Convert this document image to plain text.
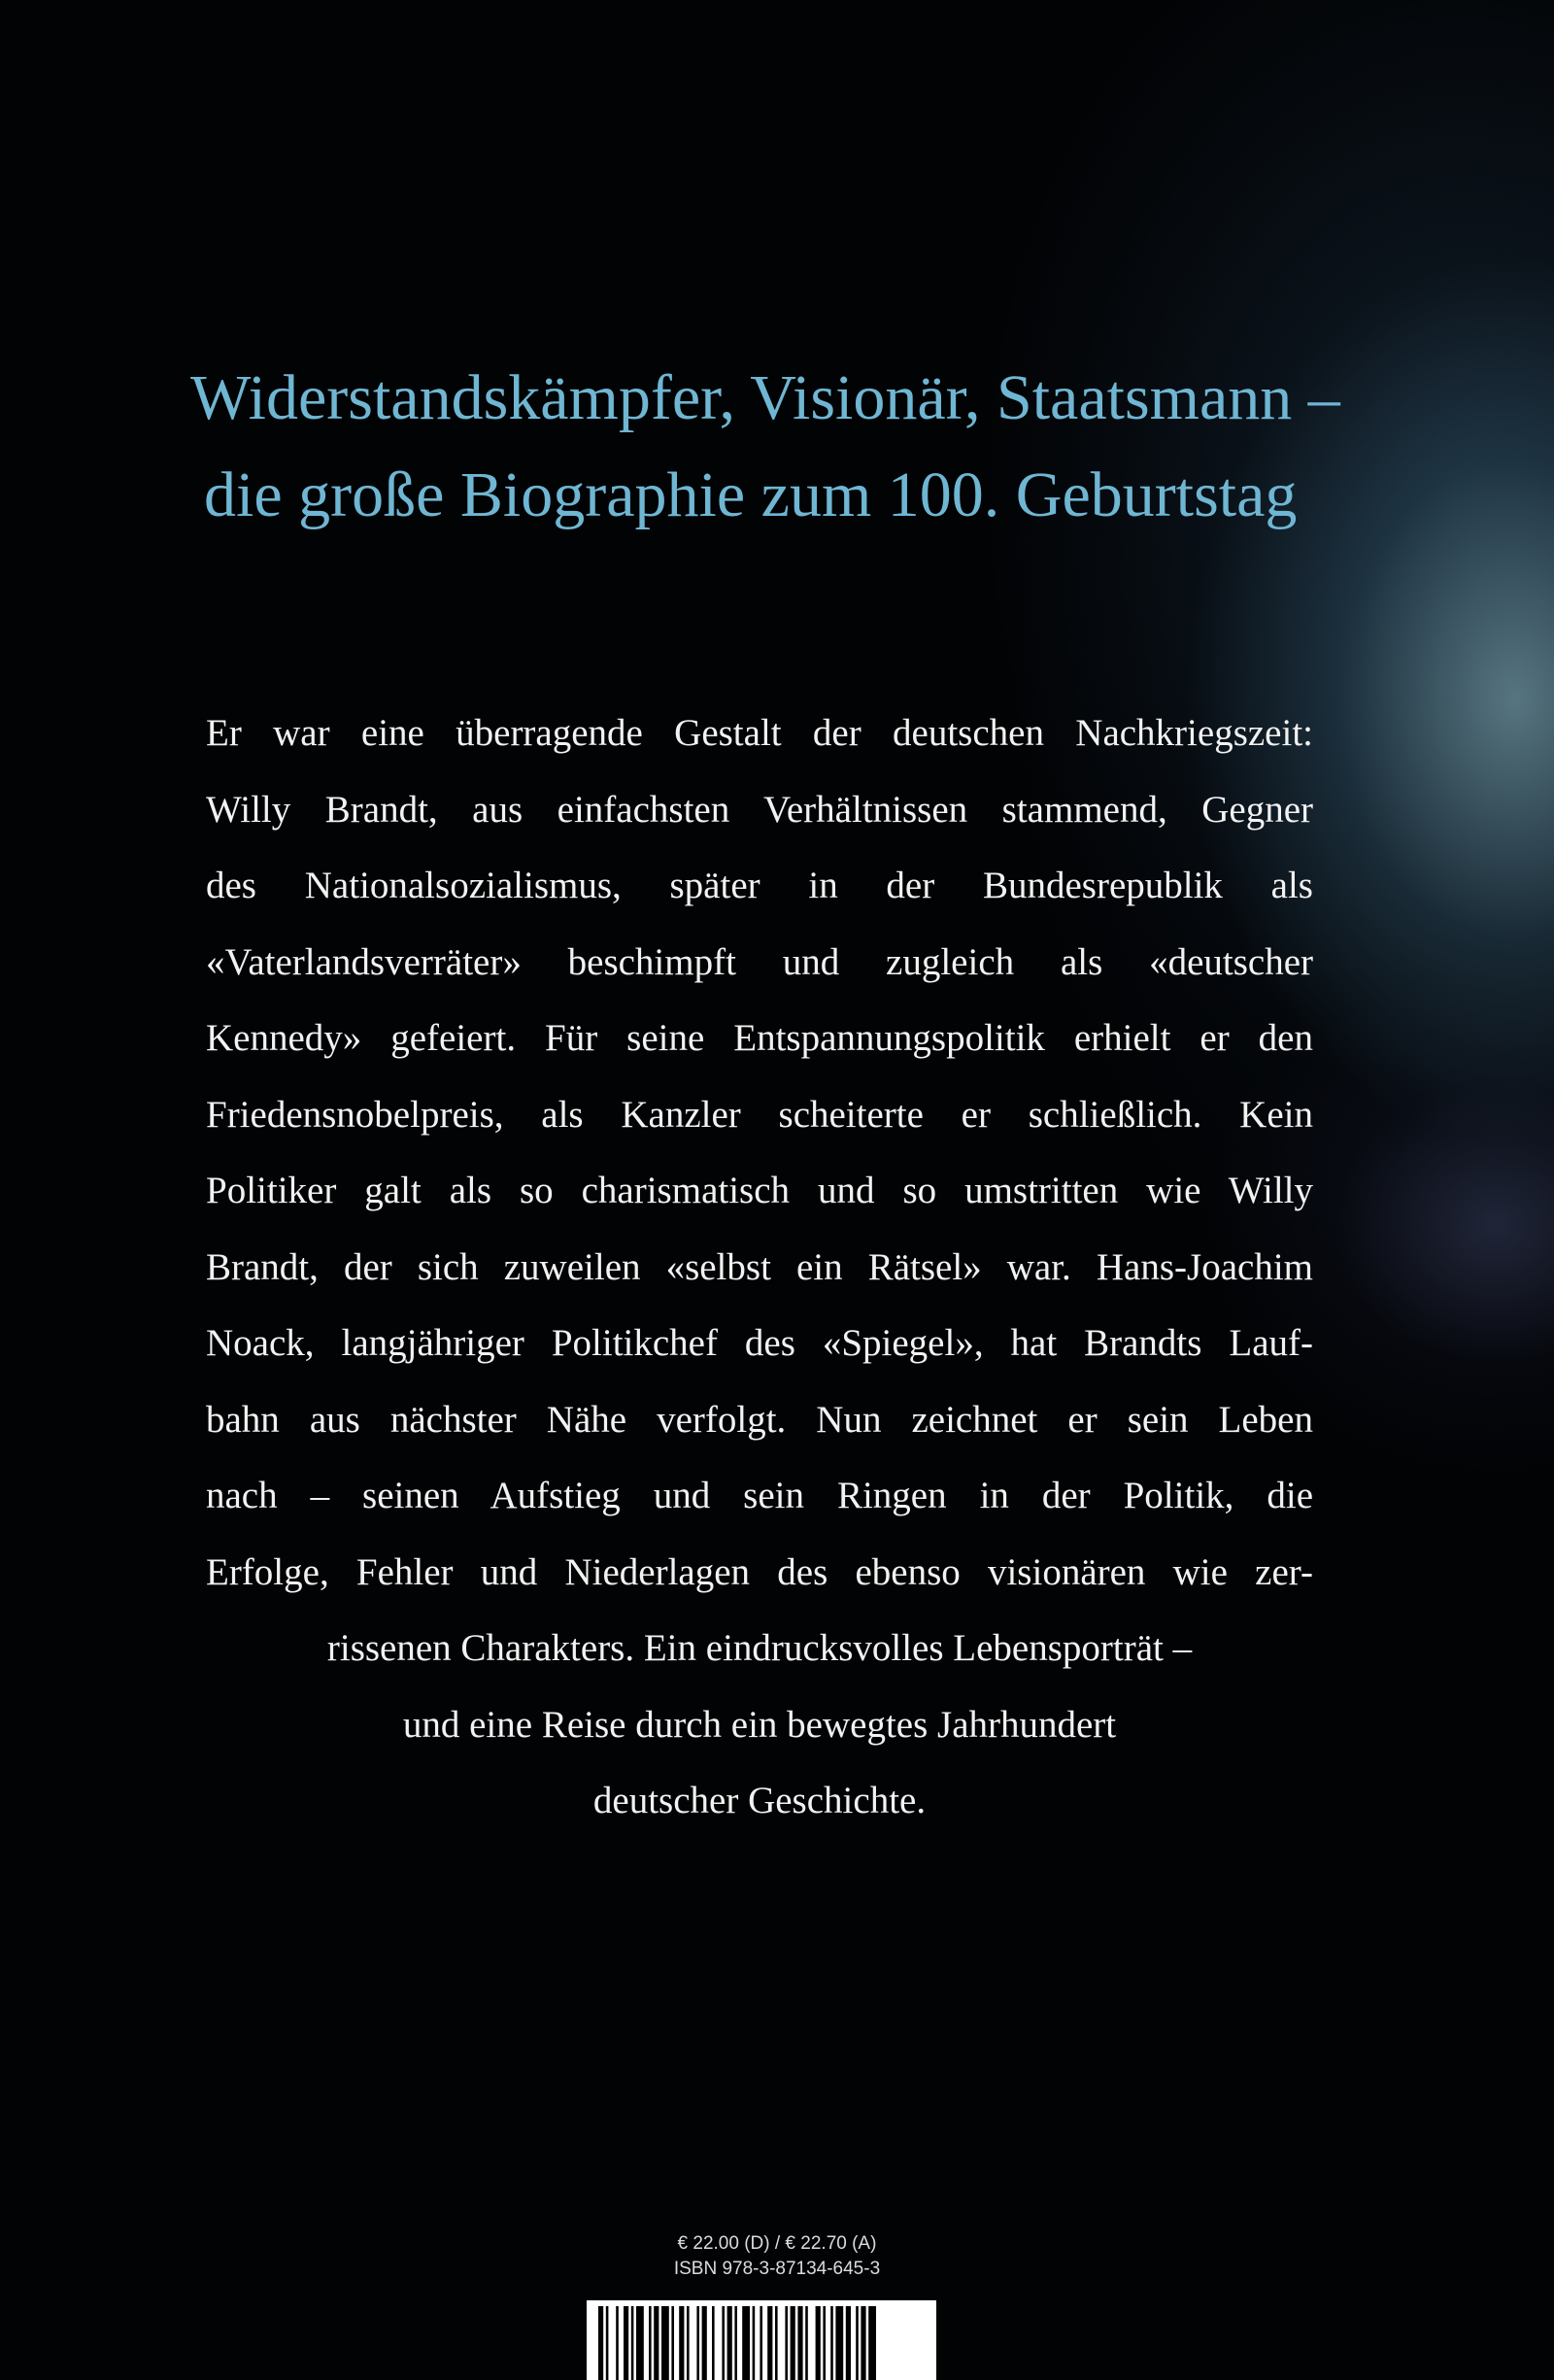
Widerstandskämpfer, Visionär, Staatsmann –
die große Biographie zum 100. Geburtstag
Er war eine überragende Gestalt der deutschen Nachkriegszeit:
Willy Brandt, aus einfachsten Verhältnissen stammend, Gegner
des Nationalsozialismus, später in der Bundesrepublik als
«Vaterlandsverräter» beschimpft und zugleich als «deutscher
Kennedy» gefeiert. Für seine Entspannungspolitik erhielt er den
Friedensnobelpreis, als Kanzler scheiterte er schließlich. Kein
Politiker galt als so charismatisch und so umstritten wie Willy
Brandt, der sich zuweilen «selbst ein Rätsel» war. Hans-Joachim
Noack, langjähriger Politikchef des «Spiegel», hat Brandts Lauf-
bahn aus nächster Nähe verfolgt. Nun zeichnet er sein Leben
nach – seinen Aufstieg und sein Ringen in der Politik, die
Erfolge, Fehler und Niederlagen des ebenso visionären wie zer-
rissenen Charakters. Ein eindrucksvolles Lebensporträt –
und eine Reise durch ein bewegtes Jahrhundert
deutscher Geschichte.
€ 22.00 (D) / € 22.70 (A)
ISBN 978-3-87134-645-3
